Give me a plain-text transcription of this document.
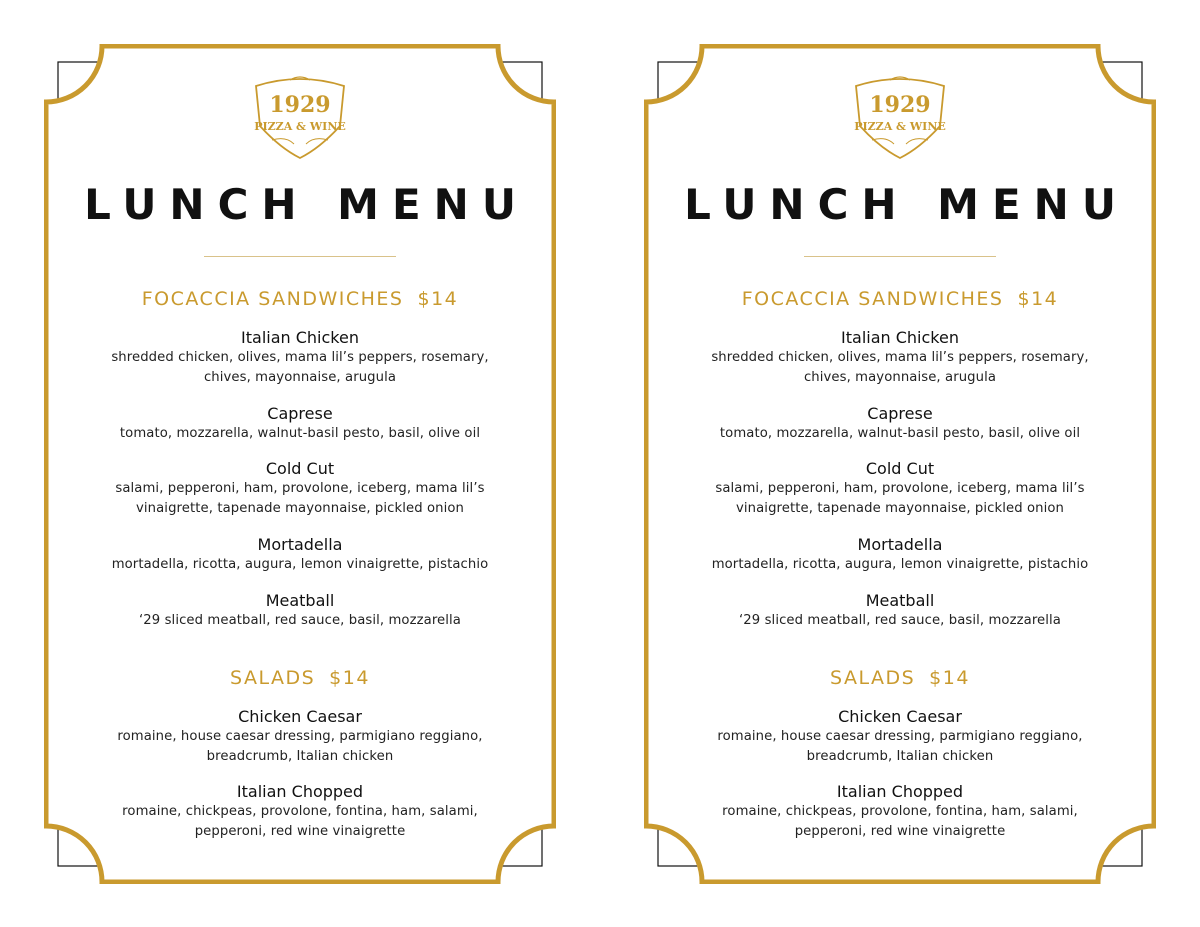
1929
PIZZA & WINE
LUNCH MENU
FOCACCIA SANDWICHES $14
Italian Chicken
shredded chicken, olives, mama lil’s peppers, rosemary,
chives, mayonnaise, arugula
Caprese
tomato, mozzarella, walnut-basil pesto, basil, olive oil
Cold Cut
salami, pepperoni, ham, provolone, iceberg, mama lil’s
vinaigrette, tapenade mayonnaise, pickled onion
Mortadella
mortadella, ricotta, augura, lemon vinaigrette, pistachio
Meatball
‘29 sliced meatball, red sauce, basil, mozzarella
SALADS $14
Chicken Caesar
romaine, house caesar dressing, parmigiano reggiano,
breadcrumb, Italian chicken
Italian Chopped
romaine, chickpeas, provolone, fontina, ham, salami,
pepperoni, red wine vinaigrette
1929
PIZZA & WINE
LUNCH MENU
FOCACCIA SANDWICHES $14
Italian Chicken
shredded chicken, olives, mama lil’s peppers, rosemary,
chives, mayonnaise, arugula
Caprese
tomato, mozzarella, walnut-basil pesto, basil, olive oil
Cold Cut
salami, pepperoni, ham, provolone, iceberg, mama lil’s
vinaigrette, tapenade mayonnaise, pickled onion
Mortadella
mortadella, ricotta, augura, lemon vinaigrette, pistachio
Meatball
‘29 sliced meatball, red sauce, basil, mozzarella
SALADS $14
Chicken Caesar
romaine, house caesar dressing, parmigiano reggiano,
breadcrumb, Italian chicken
Italian Chopped
romaine, chickpeas, provolone, fontina, ham, salami,
pepperoni, red wine vinaigrette
